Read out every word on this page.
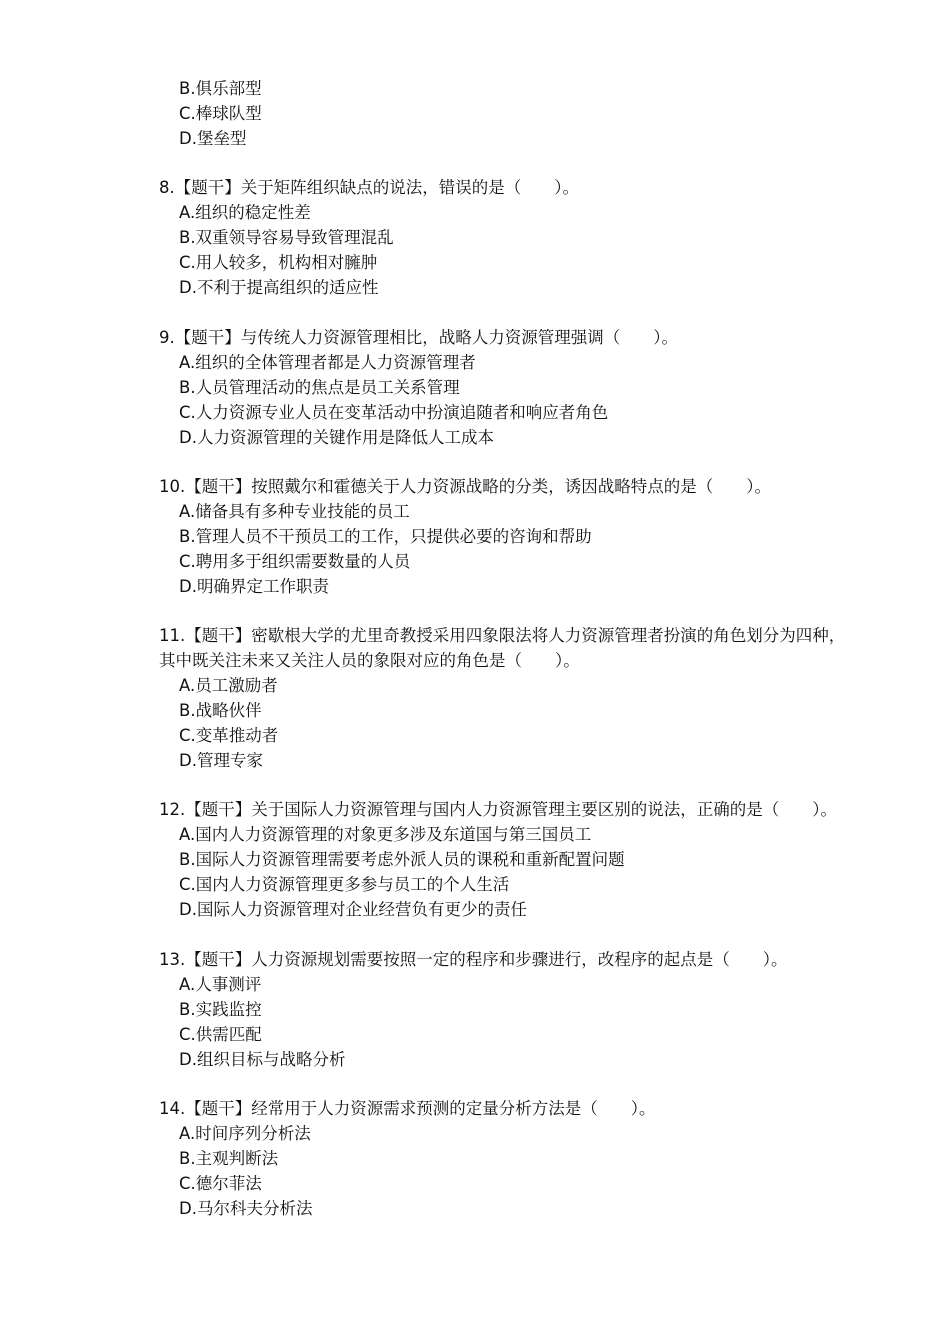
B.俱乐部型
C.棒球队型
D.堡垒型
8.【题干】关于矩阵组织缺点的说法，错误的是（　　）。
A.组织的稳定性差
B.双重领导容易导致管理混乱
C.用人较多，机构相对臃肿
D.不利于提高组织的适应性
9.【题干】与传统人力资源管理相比，战略人力资源管理强调（　　）。
A.组织的全体管理者都是人力资源管理者
B.人员管理活动的焦点是员工关系管理
C.人力资源专业人员在变革活动中扮演追随者和响应者角色
D.人力资源管理的关键作用是降低人工成本
10.【题干】按照戴尔和霍德关于人力资源战略的分类，诱因战略特点的是（　　）。
A.储备具有多种专业技能的员工
B.管理人员不干预员工的工作，只提供必要的咨询和帮助
C.聘用多于组织需要数量的人员
D.明确界定工作职责
11.【题干】密歇根大学的尤里奇教授采用四象限法将人力资源管理者扮演的角色划分为四种，
其中既关注未来又关注人员的象限对应的角色是（　　）。
A.员工激励者
B.战略伙伴
C.变革推动者
D.管理专家
12.【题干】关于国际人力资源管理与国内人力资源管理主要区别的说法，正确的是（　　）。
A.国内人力资源管理的对象更多涉及东道国与第三国员工
B.国际人力资源管理需要考虑外派人员的课税和重新配置问题
C.国内人力资源管理更多参与员工的个人生活
D.国际人力资源管理对企业经营负有更少的责任
13.【题干】人力资源规划需要按照一定的程序和步骤进行，改程序的起点是（　　）。
A.人事测评
B.实践监控
C.供需匹配
D.组织目标与战略分析
14.【题干】经常用于人力资源需求预测的定量分析方法是（　　）。
A.时间序列分析法
B.主观判断法
C.德尔菲法
D.马尔科夫分析法
